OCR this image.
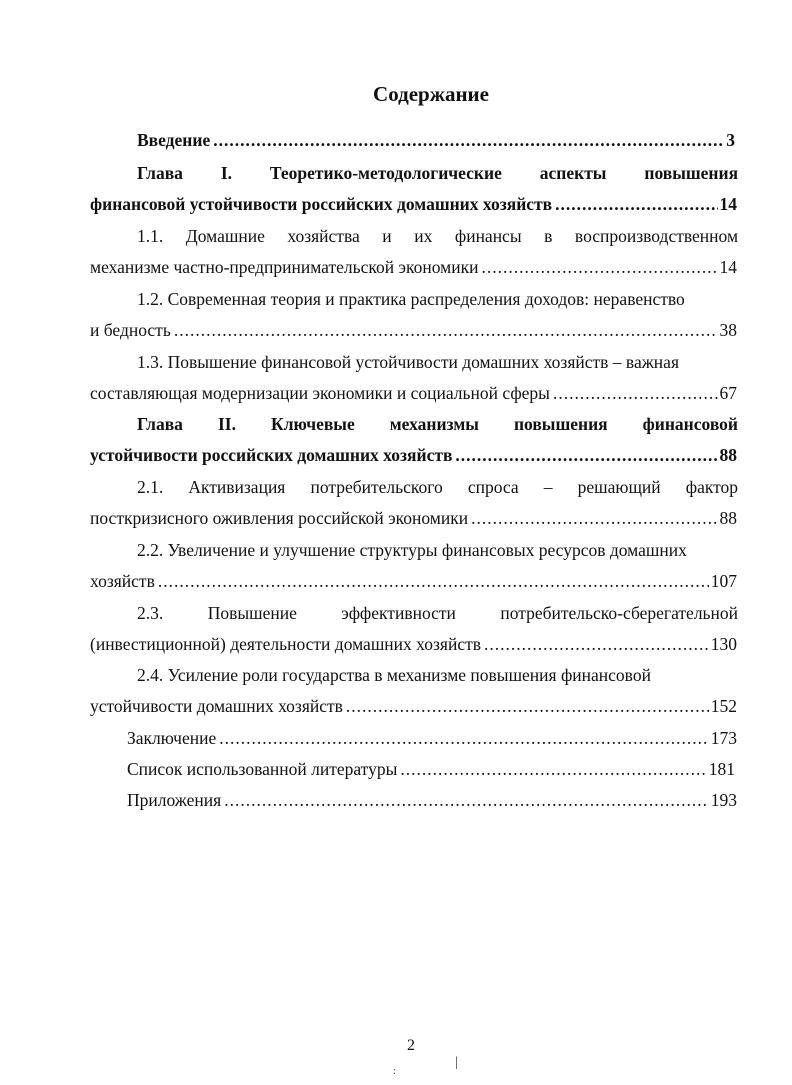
Содержание
Введение .....	3
Глава I. Теоретико-методологические аспекты повышения
финансовой устойчивости российских домашних хозяйств .....	14
1.1. Домашние хозяйства и их финансы в воспроизводственном
механизме частно-предпринимательской экономики .....	14
1.2. Современная теория и практика распределения доходов: неравенство
и бедность .....	38
1.3. Повышение финансовой устойчивости домашних хозяйств – важная
составляющая модернизации экономики и социальной сферы .....	67
Глава II. Ключевые механизмы повышения финансовой
устойчивости российских домашних хозяйств .....	88
2.1. Активизация потребительского спроса – решающий фактор
посткризисного оживления российской экономики .....	88
2.2. Увеличение и улучшение структуры финансовых ресурсов домашних
хозяйств .....	107
2.3.	Повышение	эффективности	потребительско-сберегательной
(инвестиционной) деятельности домашних хозяйств .....	130
2.4. Усиление роли государства в механизме повышения финансовой
устойчивости домашних хозяйств .....	152
Заключение .....	173
Список использованной литературы .....	181
Приложения .....	193
2
|
:
